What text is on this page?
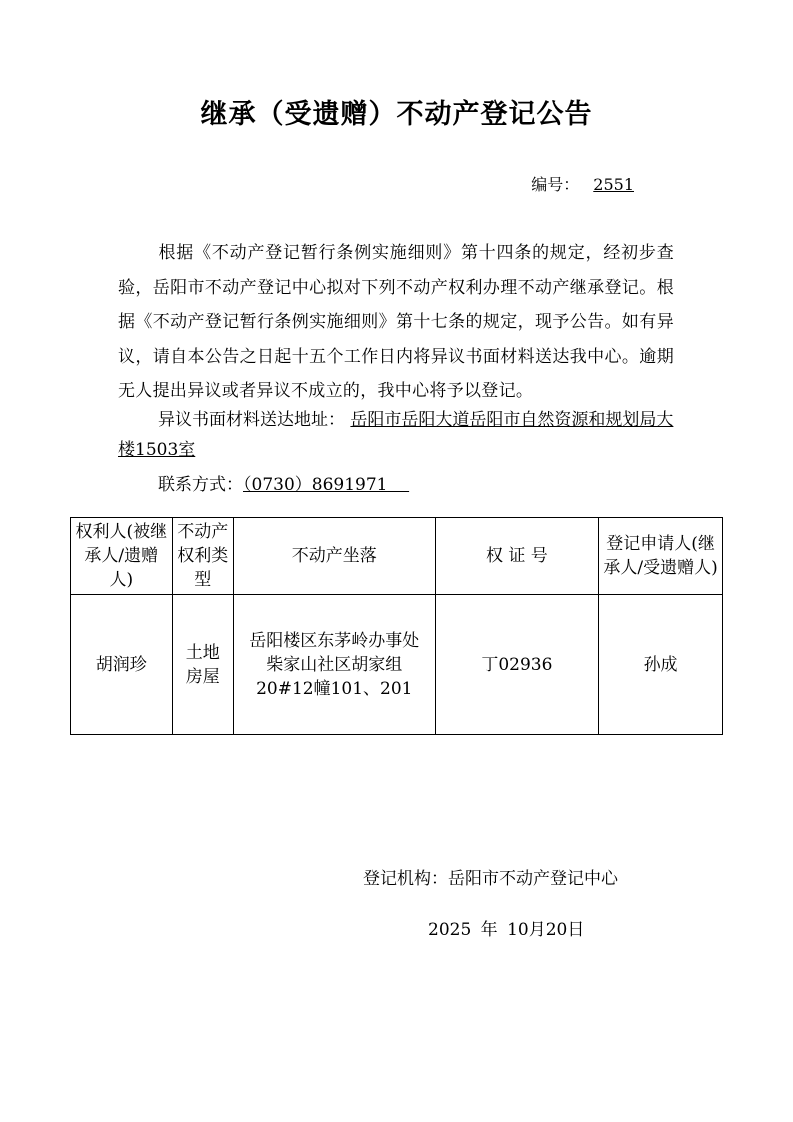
继承（受遗赠）不动产登记公告
编号： 2551
根据《不动产登记暂行条例实施细则》第十四条的规定，经初步查验，岳阳市不动产登记中心拟对下列不动产权利办理不动产继承登记。根据《不动产登记暂行条例实施细则》第十七条的规定，现予公告。如有异议，请自本公告之日起十五个工作日内将异议书面材料送达我中心。逾期无人提出异议或者异议不成立的，我中心将予以登记。
异议书面材料送达地址： 岳阳市岳阳大道岳阳市自然资源和规划局大楼1503室
联系方式：（0730）8691971
权利人(被继承人/遗赠人)	不动产权利类型	不动产坐落	权 证 号	登记申请人(继承人/受遗赠人)
胡润珍	土地房屋	岳阳楼区东茅岭办事处柴家山社区胡家组20#12幢101、201	丁02936	孙成
登记机构：岳阳市不动产登记中心
2025 年 10月20日
